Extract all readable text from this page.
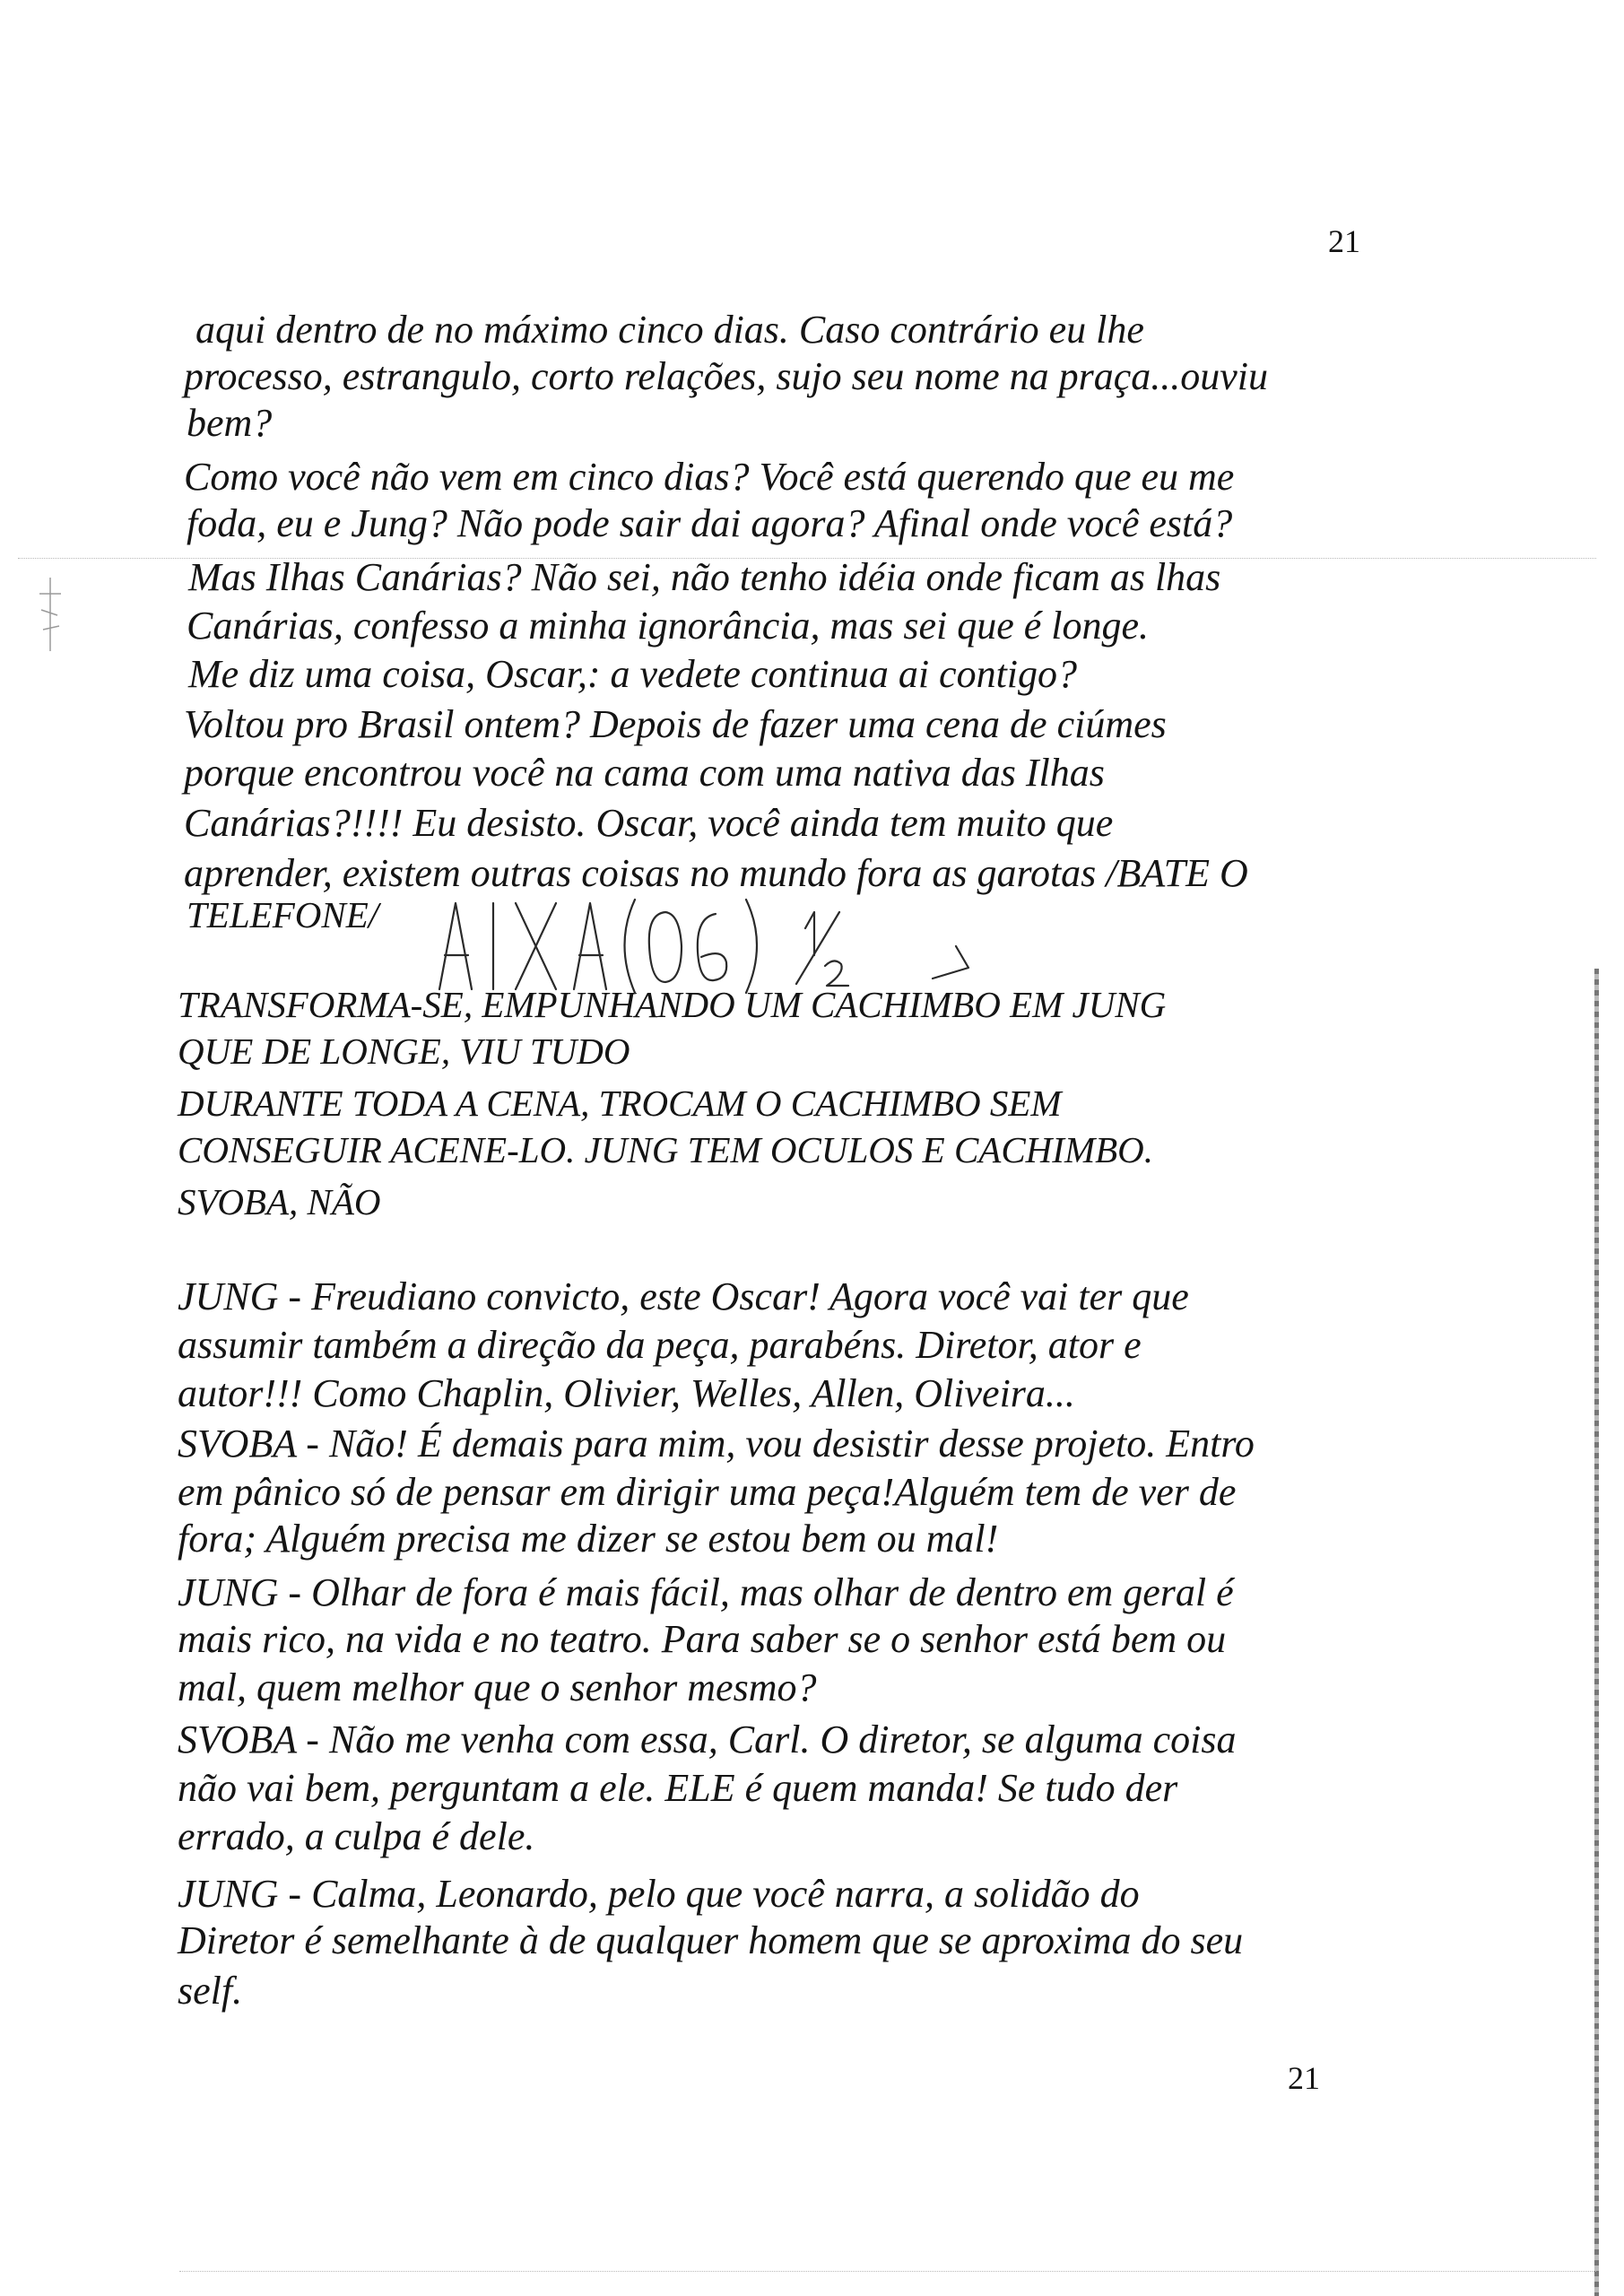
21
aqui dentro de no máximo cinco dias. Caso contrário eu lhe
processo, estrangulo, corto relações, sujo seu nome na praça...ouviu
bem?
Como você não vem em cinco dias? Você está querendo que eu me
foda, eu e Jung? Não pode sair dai agora? Afinal onde você está?
Mas Ilhas Canárias? Não sei, não tenho idéia onde ficam as lhas
Canárias, confesso a minha ignorância, mas sei que é longe.
Me diz uma coisa, Oscar,: a vedete continua ai contigo?
Voltou pro Brasil ontem? Depois de fazer uma cena de ciúmes
porque encontrou você na cama com uma nativa das Ilhas
Canárias?!!!! Eu desisto. Oscar, você ainda tem muito que
aprender, existem outras coisas no mundo fora as garotas /BATE O
TELEFONE/
TRANSFORMA-SE, EMPUNHANDO UM CACHIMBO EM JUNG
QUE DE LONGE, VIU TUDO
DURANTE TODA A CENA, TROCAM O CACHIMBO SEM
CONSEGUIR ACENE-LO. JUNG TEM OCULOS E CACHIMBO.
SVOBA, NÃO
JUNG - Freudiano convicto, este Oscar! Agora você vai ter que
assumir também a direção da peça, parabéns. Diretor, ator e
autor!!! Como Chaplin, Olivier, Welles, Allen, Oliveira...
SVOBA - Não! É demais para mim, vou desistir desse projeto. Entro
em pânico só de pensar em dirigir uma peça!Alguém tem de ver de
fora; Alguém precisa me dizer se estou bem ou mal!
JUNG - Olhar de fora é mais fácil, mas olhar de dentro em geral é
mais rico, na vida e no teatro. Para saber se o senhor está bem ou
mal, quem melhor que o senhor mesmo?
SVOBA - Não me venha com essa, Carl. O diretor, se alguma coisa
não vai bem, perguntam a ele. ELE é quem manda! Se tudo der
errado, a culpa é dele.
JUNG - Calma, Leonardo, pelo que você narra, a solidão do
Diretor é semelhante à de qualquer homem que se aproxima do seu
self.
21
